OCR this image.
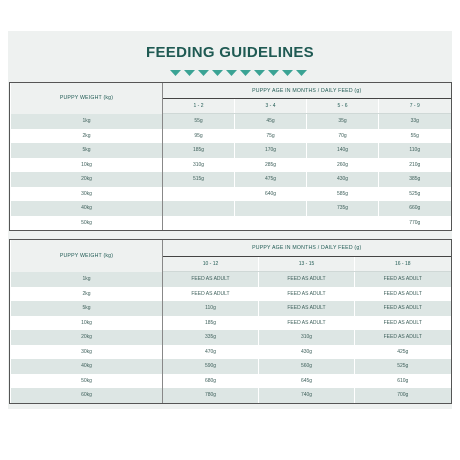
FEEDING GUIDELINES
PUPPY WEIGHT (kg)	PUPPY AGE IN MONTHS / DAILY FEED (g)			
	1 - 2	3 - 4	5 - 6	7 - 9
1kg	55g	45g	35g	33g
2kg	95g	75g	70g	55g
5kg	185g	170g	140g	110g
10kg	310g	285g	260g	210g
20kg	515g	475g	430g	385g
30kg		640g	585g	525g
40kg			735g	660g
50kg				770g
PUPPY WEIGHT (kg)	PUPPY AGE IN MONTHS / DAILY FEED (g)		
	10 - 12	13 - 15	16 - 18
1kg	FEED AS ADULT	FEED AS ADULT	FEED AS ADULT
2kg	FEED AS ADULT	FEED AS ADULT	FEED AS ADULT
5kg	110g	FEED AS ADULT	FEED AS ADULT
10kg	185g	FEED AS ADULT	FEED AS ADULT
20kg	335g	310g	FEED AS ADULT
30kg	470g	430g	425g
40kg	590g	560g	525g
50kg	680g	645g	610g
60kg	780g	740g	700g
